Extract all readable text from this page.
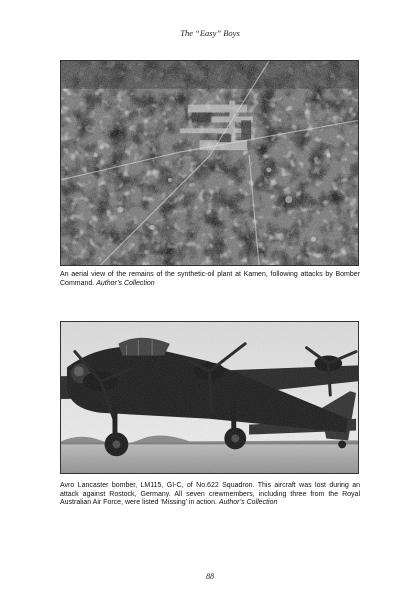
The “Easy” Boys
An aerial view of the remains of the synthetic-oil plant at Kamen, following attacks by Bomber Command. Author’s Collection
Avro Lancaster bomber, LM115, GI-C, of No.622 Squadron. This aircraft was lost during an attack against Rostock, Germany. All seven crewmembers, including three from the Royal Australian Air Force, were listed ‘Missing’ in action. Author’s Collection
88
